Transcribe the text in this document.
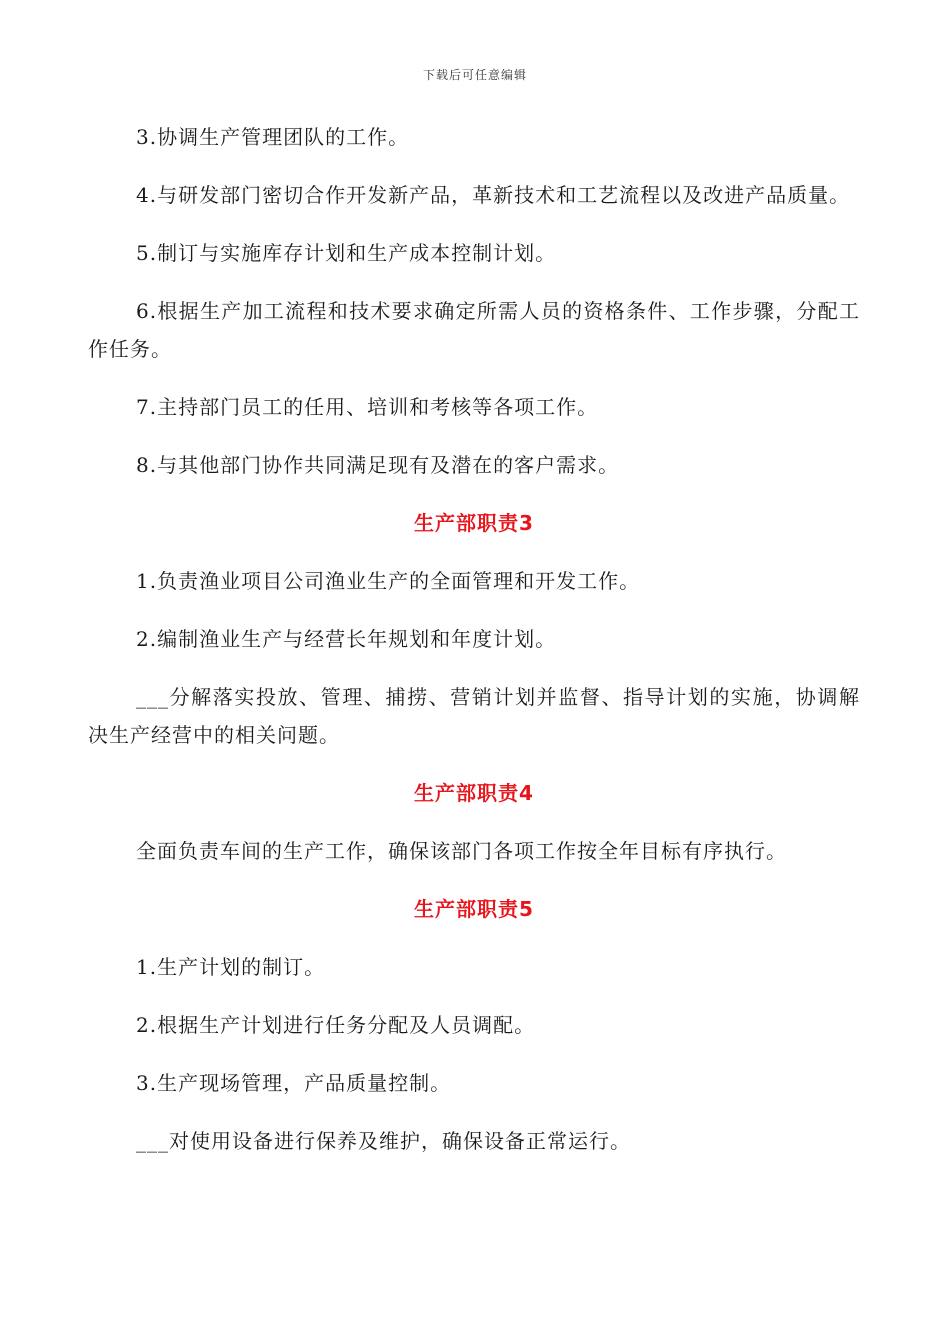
下载后可任意编辑

3.协调生产管理团队的工作。

4.与研发部门密切合作开发新产品，革新技术和工艺流程以及改进产品质量。

5.制订与实施库存计划和生产成本控制计划。

6.根据生产加工流程和技术要求确定所需人员的资格条件、工作步骤，分配工作任务。

7.主持部门员工的任用、培训和考核等各项工作。

8.与其他部门协作共同满足现有及潜在的客户需求。

生产部职责3

1.负责渔业项目公司渔业生产的全面管理和开发工作。

2.编制渔业生产与经营长年规划和年度计划。

___分解落实投放、管理、捕捞、营销计划并监督、指导计划的实施，协调解决生产经营中的相关问题。

生产部职责4

全面负责车间的生产工作，确保该部门各项工作按全年目标有序执行。

生产部职责5

1.生产计划的制订。

2.根据生产计划进行任务分配及人员调配。

3.生产现场管理，产品质量控制。

___对使用设备进行保养及维护，确保设备正常运行。
